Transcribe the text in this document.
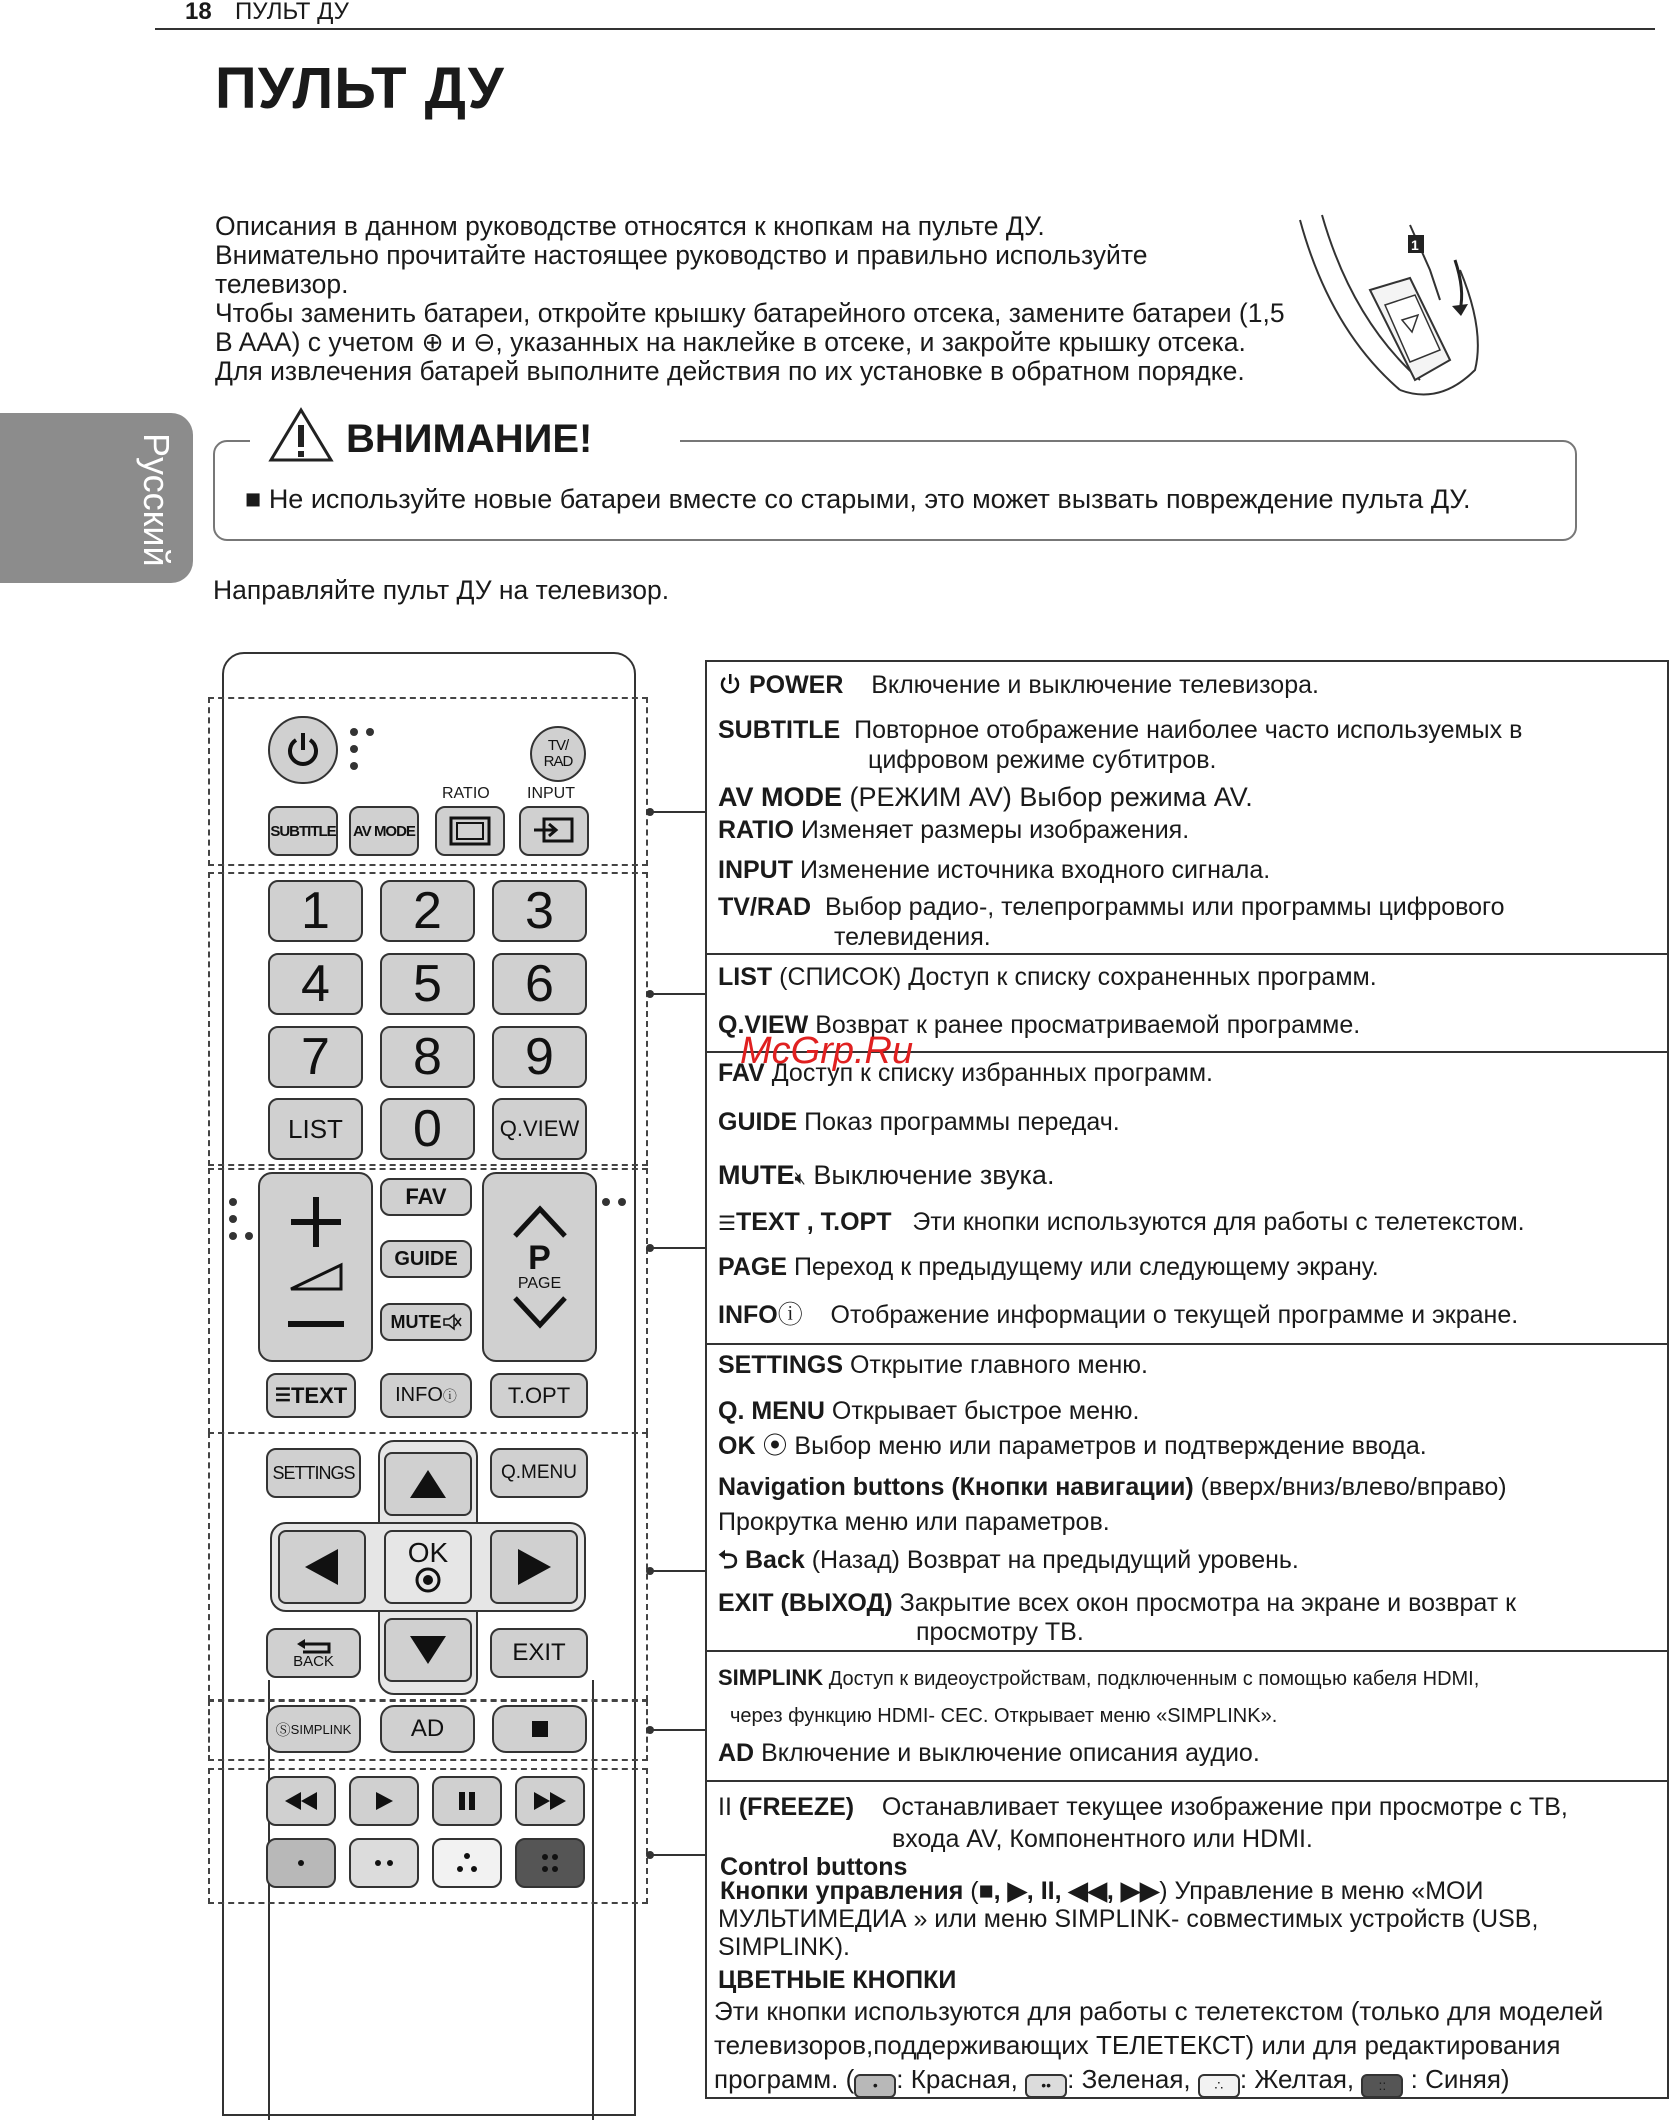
18 ПУЛЬТ ДУ
ПУЛЬТ ДУ

Описания в данном руководстве относятся к кнопкам на пульте ДУ.

Внимательно прочитайте настоящее руководство и правильно используйте

телевизор.

Чтобы заменить батареи, откройте крышку батарейного отсека, замените батареи (1,5

B AAA) с учетом ⊕ и ⊖, указанных на наклейке в отсеке, и закройте крышку отсека.

Для извлечения батарей выполните действия по их установке в обратном порядке.

1
Русский	ВНИМАНИЕ!
■ Не используйте новые батареи вместе со старыми, это может вызвать повреждение пульта ДУ.
Направляйте пульт ДУ на телевизор.
TV/
RAD
RATIO INPUT
SUBTITLE AV MODE
1	2	3
4	5	6
7	8	9
LIST	0	Q.VIEW
FAV
GUIDE
MUTE
P
PAGE
☰ TEXT INFO ⓘ	T.OPT
SETTINGS	Q.MENU
OK
BACK	EXIT
Ⓢ SIMPLINK	AD
POWER Включение и выключение телевизора.
SUBTITLE Повторное отображение наиболее часто используемых в
цифровом режиме субтитров.
AV MODE (РЕЖИМ AV) Выбор режима AV.
RATIO Изменяет размеры изображения.
INPUT Изменение источника входного сигнала.
TV/RAD Выбор радио-, телепрограммы или программы цифрового
телевидения.
LIST (СПИСОК) Доступ к списку сохраненных программ.
Q.VIEW Возврат к ранее просматриваемой программе.
McGrp.Ru
FAV Доступ к списку избранных программ.
GUIDE Показ программы передач.
MUTE🔇︎ Выключение звука.
☰TEXT , T.OPT Эти кнопки используются для работы с телетекстом.
PAGE Переход к предыдущему или следующему экрану.
INFOⓘ Отображение информации о текущей программе и экране.
SETTINGS Открытие главного меню.
Q. MENU Открывает быстрое меню.
OK ⦿ Выбор меню или параметров и подтверждение ввода.
Navigation buttons (Кнопки навигации) (вверх/вниз/влево/вправо)
Прокрутка меню или параметров.
⮌ Back (Назад) Возврат на предыдущий уровень.
EXIT (ВЫХОД) Закрытие всех окон просмотра на экране и возврат к
просмотру ТВ.
SIMPLINK Доступ к видеоустройствам, подключенным с помощью кабеля HDMI,
через функцию HDMI- CEC. Открывает меню «SIMPLINK».
AD Включение и выключение описания аудио.
II (FREEZE) Останавливает текущее изображение при просмотре с ТВ,
входа AV, Компонентного или HDMI.
Control buttons
Кнопки управления (■, ▶, II, ◀◀, ▶▶) Управление в меню «МОИ
МУЛЬТИМЕДИА » или меню SIMPLINK- совместимых устройств (USB,
SIMPLINK).
ЦВЕТНЫЕ КНОПКИ
Эти кнопки используются для работы с телетекстом (только для моделей
телевизоров,поддерживающих ТЕЛЕТЕКСТ) или для редактирования
программ. ( • : Красная, •• : Зеленая, ∴ : Желтая, :: : Синяя)
